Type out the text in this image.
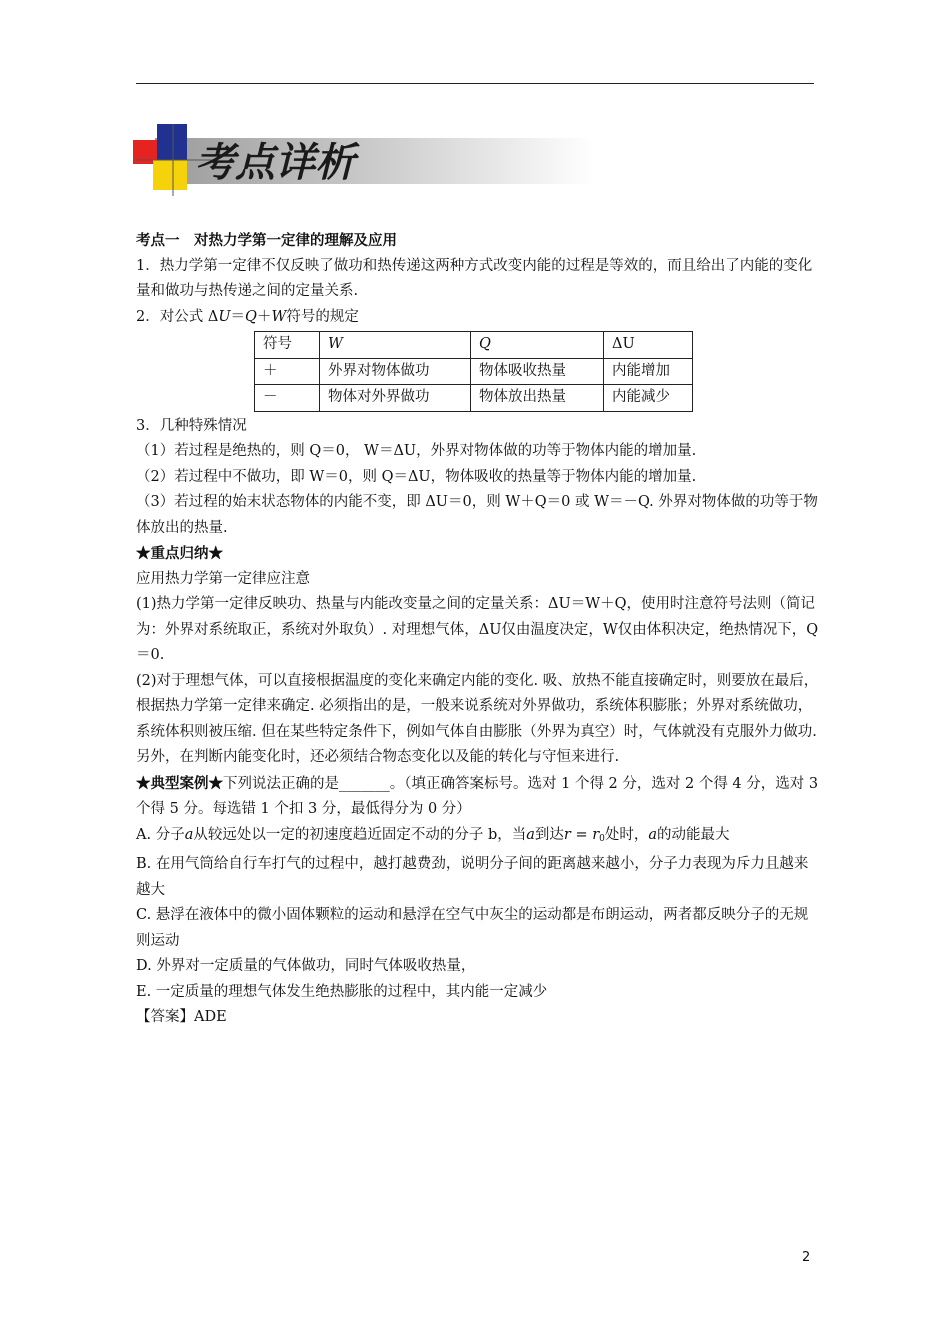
考点详析

考点一　对热力学第一定律的理解及应用

1．热力学第一定律不仅反映了做功和热传递这两种方式改变内能的过程是等效的，而且给出了内能的变化量和做功与热传递之间的定量关系.

2．对公式 ΔU＝Q＋W符号的规定

符号	W	Q	ΔU
＋	外界对物体做功	物体吸收热量	内能增加
－	物体对外界做功	物体放出热量	内能减少

3．几种特殊情况

（1）若过程是绝热的，则 Q＝0， W＝ΔU，外界对物体做的功等于物体内能的增加量.

（2）若过程中不做功，即 W＝0，则 Q＝ΔU，物体吸收的热量等于物体内能的增加量.

（3）若过程的始末状态物体的内能不变，即 ΔU＝0，则 W＋Q＝0 或 W＝－Q. 外界对物体做的功等于物体放出的热量.

★重点归纳★

应用热力学第一定律应注意

(1)热力学第一定律反映功、热量与内能改变量之间的定量关系：ΔU＝W＋Q，使用时注意符号法则（简记为：外界对系统取正，系统对外取负）. 对理想气体，ΔU仅由温度决定，W仅由体积决定，绝热情况下，Q＝0.

(2)对于理想气体，可以直接根据温度的变化来确定内能的变化. 吸、放热不能直接确定时，则要放在最后，根据热力学第一定律来确定. 必须指出的是，一般来说系统对外界做功，系统体积膨胀；外界对系统做功，系统体积则被压缩. 但在某些特定条件下，例如气体自由膨胀（外界为真空）时，气体就没有克服外力做功. 另外，在判断内能变化时，还必须结合物态变化以及能的转化与守恒来进行.

★典型案例★下列说法正确的是_______。（填正确答案标号。选对 1 个得 2 分，选对 2 个得 4 分，选对 3 个得 5 分。每选错 1 个扣 3 分，最低得分为 0 分）

A. 分子a从较远处以一定的初速度趋近固定不动的分子 b，当a到达r = r0处时，a的动能最大

B. 在用气筒给自行车打气的过程中，越打越费劲，说明分子间的距离越来越小，分子力表现为斥力且越来越大

C. 悬浮在液体中的微小固体颗粒的运动和悬浮在空气中灰尘的运动都是布朗运动，两者都反映分子的无规则运动

D. 外界对一定质量的气体做功，同时气体吸收热量，

E. 一定质量的理想气体发生绝热膨胀的过程中，其内能一定减少

【答案】ADE

2
